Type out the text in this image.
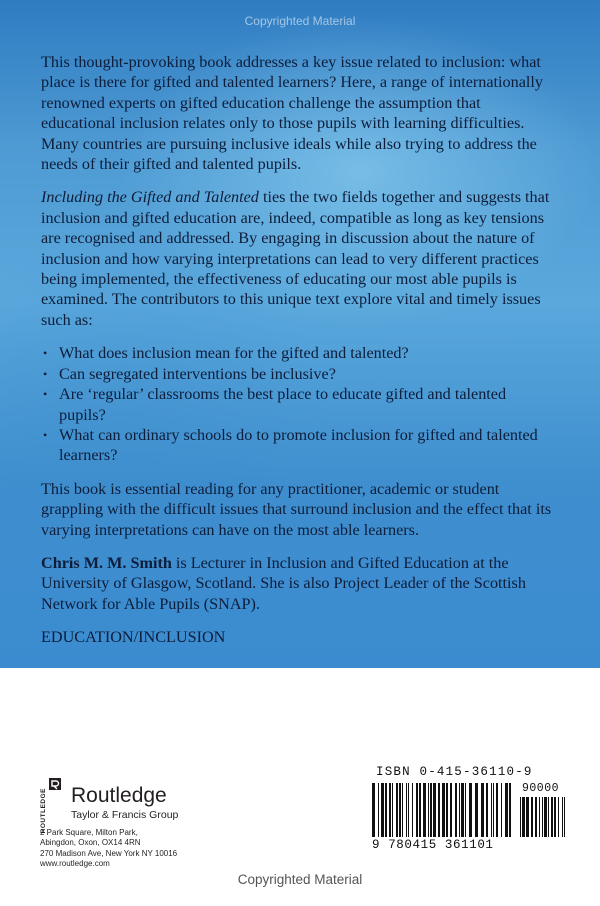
Copyrighted Material

This thought-provoking book addresses a key issue related to inclusion: what place is there for gifted and talented learners? Here, a range of internationally renowned experts on gifted education challenge the assumption that educational inclusion relates only to those pupils with learning difficulties. Many countries are pursuing inclusive ideals while also trying to address the needs of their gifted and talented pupils.

Including the Gifted and Talented ties the two fields together and suggests that inclusion and gifted education are, indeed, compatible as long as key tensions are recognised and addressed. By engaging in discussion about the nature of inclusion and how varying interpretations can lead to very different practices being implemented, the effectiveness of educating our most able pupils is examined. The contributors to this unique text explore vital and timely issues such as:

• What does inclusion mean for the gifted and talented?
• Can segregated interventions be inclusive?
• Are ‘regular’ classrooms the best place to educate gifted and talented pupils?
• What can ordinary schools do to promote inclusion for gifted and talented learners?

This book is essential reading for any practitioner, academic or student grappling with the difficult issues that surround inclusion and the effect that its varying interpretations can have on the most able learners.

Chris M. M. Smith is Lecturer in Inclusion and Gifted Education at the University of Glasgow, Scotland. She is also Project Leader of the Scottish Network for Able Pupils (SNAP).

EDUCATION/INCLUSION

ROUTLEDGE Routledge
Taylor & Francis Group
2 Park Square, Milton Park,
Abingdon, Oxon, OX14 4RN
270 Madison Ave, New York NY 10016
www.routledge.com
ISBN 0-415-36110-9
90000
9 780415 361101
Copyrighted Material
